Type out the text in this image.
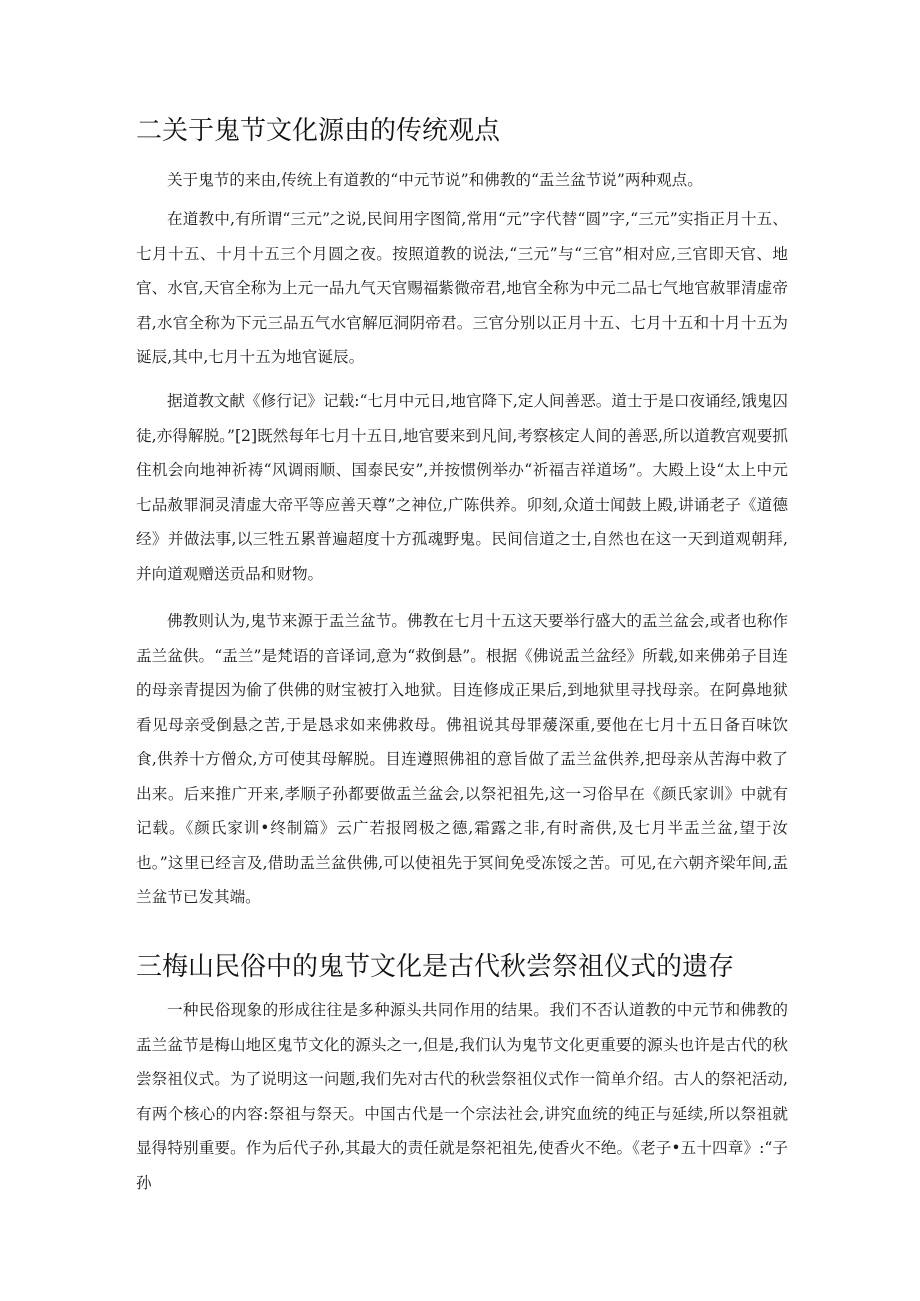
二关于鬼节文化源由的传统观点

关于鬼节的来由,传统上有道教的“中元节说”和佛教的“盂兰盆节说”两种观点。

在道教中,有所谓“三元”之说,民间用字图简,常用“元”字代替“圆”字,“三元”实指正月十五、七月十五、十月十五三个月圆之夜。按照道教的说法,“三元”与“三官”相对应,三官即天官、地官、水官,天官全称为上元一品九气天官赐福紫微帝君,地官全称为中元二品七气地官赦罪清虚帝君,水官全称为下元三品五气水官解厄洞阴帝君。三官分别以正月十五、七月十五和十月十五为诞辰,其中,七月十五为地官诞辰。

据道教文献《修行记》记载:“七月中元日,地官降下,定人间善恶。道士于是口夜诵经,饿鬼囚徒,亦得解脱。”[2]既然每年七月十五日,地官要来到凡间,考察核定人间的善恶,所以道教宫观要抓住机会向地神祈祷“风调雨顺、国泰民安”,并按惯例举办“祈福吉祥道场”。大殿上设“太上中元七品赦罪洞灵清虚大帝平等应善天尊”之神位,广陈供养。卯刻,众道士闻鼓上殿,讲诵老子《道德经》并做法事,以三牲五累普遍超度十方孤魂野鬼。民间信道之士,自然也在这一天到道观朝拜,并向道观赠送贡品和财物。

佛教则认为,鬼节来源于盂兰盆节。佛教在七月十五这天要举行盛大的盂兰盆会,或者也称作盂兰盆供。“盂兰”是梵语的音译词,意为“救倒悬”。根据《佛说盂兰盆经》所载,如来佛弟子目连的母亲青提因为偷了供佛的财宝被打入地狱。目连修成正果后,到地狱里寻找母亲。在阿鼻地狱看见母亲受倒悬之苦,于是恳求如来佛救母。佛祖说其母罪蕿深重,要他在七月十五日备百味饮食,供养十方僧众,方可使其母解脱。目连遵照佛祖的意旨做了盂兰盆供养,把母亲从苦海中救了出来。后来推广开来,孝顺子孙都要做盂兰盆会,以祭祀祖先,这一习俗早在《颜氏家训》中就有记载。《颜氏家训•终制篇》云广若报罔极之德,霜露之非,有时斋供,及七月半盂兰盆,望于汝也。”这里已经言及,借助盂兰盆供佛,可以使祖先于冥间免受冻馁之苦。可见,在六朝齐梁年间,盂兰盆节已发其端。

三梅山民俗中的鬼节文化是古代秋尝祭祖仪式的遗存

一种民俗现象的形成往往是多种源头共同作用的结果。我们不否认道教的中元节和佛教的盂兰盆节是梅山地区鬼节文化的源头之一,但是,我们认为鬼节文化更重要的源头也许是古代的秋尝祭祖仪式。为了说明这一问题,我们先对古代的秋尝祭祖仪式作一简单介绍。古人的祭祀活动,有两个核心的内容:祭祖与祭天。中国古代是一个宗法社会,讲究血统的纯正与延续,所以祭祖就显得特别重要。作为后代子孙,其最大的责任就是祭祀祖先,使香火不绝。《老子•五十四章》:“子孙
